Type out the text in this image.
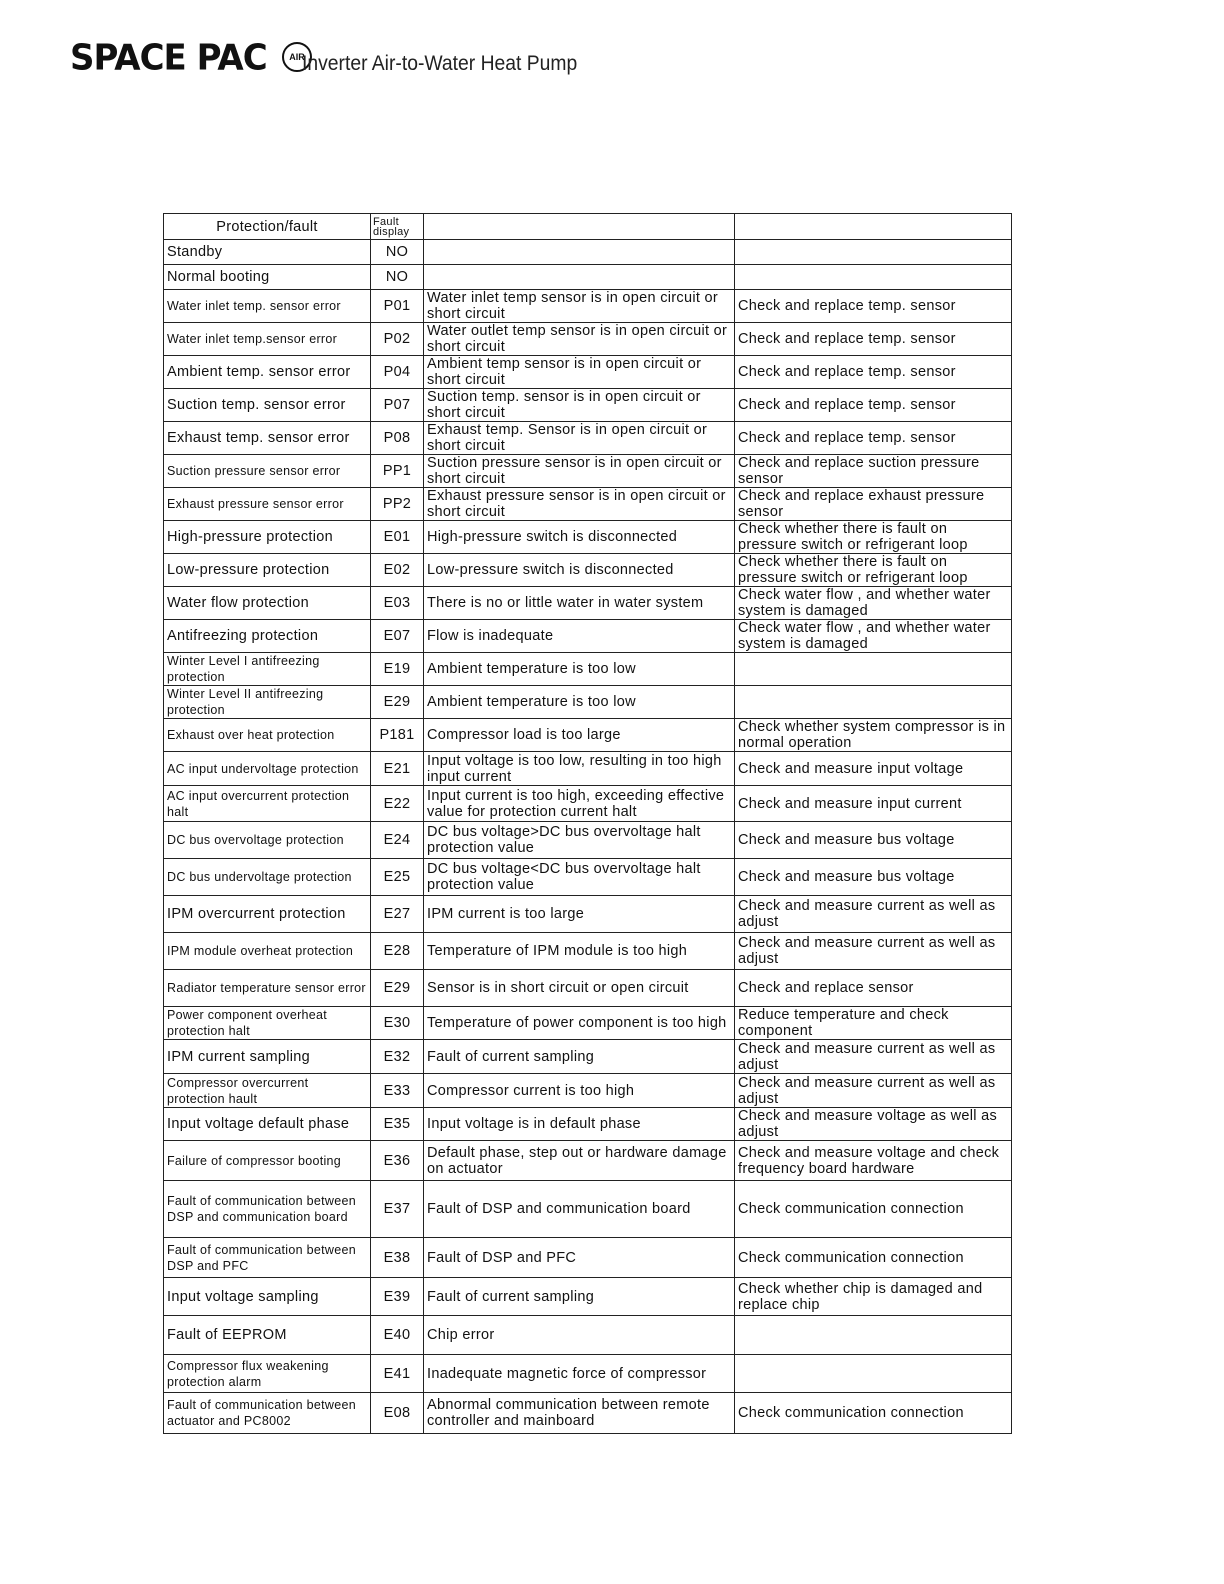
SPACE PAC	AIR
Inverter Air-to-Water Heat Pump
Protection/fault	Fault display		
Standby	NO		
Normal booting	NO		
Water inlet temp. sensor error	P01	Water inlet temp sensor is in open circuit or short circuit	Check and replace temp. sensor
Water inlet temp.sensor error	P02	Water outlet temp sensor is in open circuit or short circuit	Check and replace temp. sensor
Ambient temp. sensor error	P04	Ambient temp sensor is in open circuit or short circuit	Check and replace temp. sensor
Suction temp. sensor error	P07	Suction temp. sensor is in open circuit or short circuit	Check and replace temp. sensor
Exhaust temp. sensor error	P08	Exhaust temp. Sensor is in open circuit or short circuit	Check and replace temp. sensor
Suction pressure sensor error	PP1	Suction pressure sensor is in open circuit or short circuit	Check and replace suction pressure sensor
Exhaust pressure sensor error	PP2	Exhaust pressure sensor is in open circuit or short circuit	Check and replace exhaust pressure sensor
High-pressure protection	E01	High-pressure switch is disconnected	Check whether there is fault on pressure switch or refrigerant loop
Low-pressure protection	E02	Low-pressure switch is disconnected	Check whether there is fault on pressure switch or refrigerant loop
Water flow protection	E03	There is no or little water in water system	Check water flow , and whether water system is damaged
Antifreezing protection	E07	Flow is inadequate	Check water flow , and whether water system is damaged
Winter Level I antifreezing protection	E19	Ambient temperature is too low	
Winter Level II antifreezing protection	E29	Ambient temperature is too low	
Exhaust over heat protection	P181	Compressor load is too large	Check whether system compressor is in normal operation
AC input undervoltage protection	E21	Input voltage is too low, resulting in too high input current	Check and measure input voltage
AC input overcurrent protection halt	E22	Input current is too high, exceeding effective value for protection current halt	Check and measure input current
DC bus overvoltage protection	E24	DC bus voltage>DC bus overvoltage halt protection value	Check and measure bus voltage
DC bus undervoltage protection	E25	DC bus voltage<DC bus overvoltage halt protection value	Check and measure bus voltage
IPM overcurrent protection	E27	IPM current is too large	Check and measure current as well as adjust
IPM module overheat protection	E28	Temperature of IPM module is too high	Check and measure current as well as adjust
Radiator temperature sensor error	E29	Sensor is in short circuit or open circuit	Check and replace sensor
Power component overheat protection halt	E30	Temperature of power component is too high	Reduce temperature and check component
IPM current sampling	E32	Fault of current sampling	Check and measure current as well as adjust
Compressor overcurrent protection hault	E33	Compressor current is too high	Check and measure current as well as adjust
Input voltage default phase	E35	Input voltage is in default phase	Check and measure voltage as well as adjust
Failure of compressor booting	E36	Default phase, step out or hardware damage on actuator	Check and measure voltage and check frequency board hardware
Fault of communication between DSP and communication board	E37	Fault of DSP and communication board	Check communication connection
Fault of communication between DSP and PFC	E38	Fault of DSP and PFC	Check communication connection
Input voltage sampling	E39	Fault of current sampling	Check whether chip is damaged and replace chip
Fault of EEPROM	E40	Chip error	
Compressor flux weakening protection alarm	E41	Inadequate magnetic force of compressor	
Fault of communication between actuator and PC8002	E08	Abnormal communication between remote controller and mainboard	Check communication connection
